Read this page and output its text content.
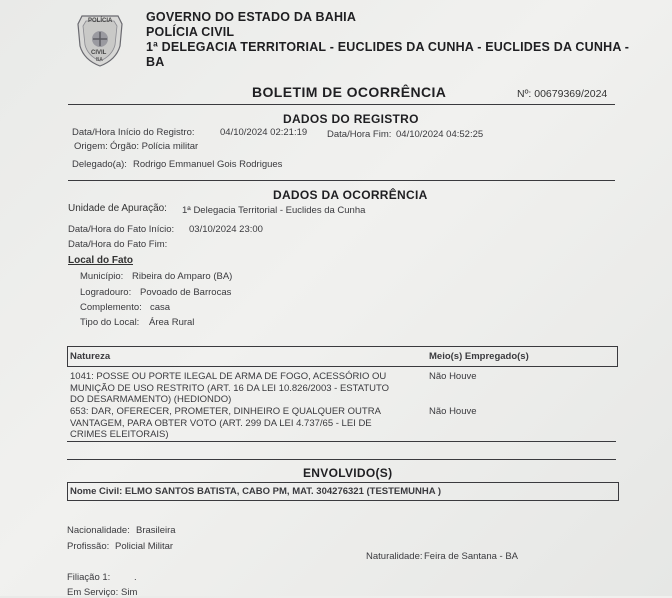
POLÍCIA
CIVIL
BA
GOVERNO DO ESTADO DA BAHIA
POLÍCIA CIVIL
1ª DELEGACIA TERRITORIAL - EUCLIDES DA CUNHA - EUCLIDES DA CUNHA -
BA
BOLETIM DE OCORRÊNCIA	Nº: 00679369/2024
DADOS DO REGISTRO
Data/Hora Início do Registro:	04/10/2024 02:21:19 Data/Hora Fim: 04/10/2024 04:52:25
Origem: Órgão: Polícia militar
Delegado(a): Rodrigo Emmanuel Gois Rodrigues
DADOS DA OCORRÊNCIA
Unidade de Apuração: 1ª Delegacia Territorial - Euclides da Cunha
Data/Hora do Fato Início: 03/10/2024 23:00
Data/Hora do Fato Fim:
Local do Fato
Município: Ribeira do Amparo (BA)
Logradouro: Povoado de Barrocas
Complemento: casa
Tipo do Local: Área Rural
Natureza	Meio(s) Empregado(s)
1041: POSSE OU PORTE ILEGAL DE ARMA DE FOGO, ACESSÓRIO OU
MUNIÇÃO DE USO RESTRITO (ART. 16 DA LEI 10.826/2003 - ESTATUTO
DO DESARMAMENTO) (HEDIONDO)
Não Houve
653: DAR, OFERECER, PROMETER, DINHEIRO E QUALQUER OUTRA
VANTAGEM, PARA OBTER VOTO (ART. 299 DA LEI 4.737/65 - LEI DE
CRIMES ELEITORAIS)
Não Houve
ENVOLVIDO(S)
Nome Civil: ELMO SANTOS BATISTA, CABO PM, MAT. 304276321 (TESTEMUNHA )
Nacionalidade: Brasileira
Profissão: Policial Militar
Naturalidade: Feira de Santana - BA
Filiação 1: .
Em Serviço: Sim
